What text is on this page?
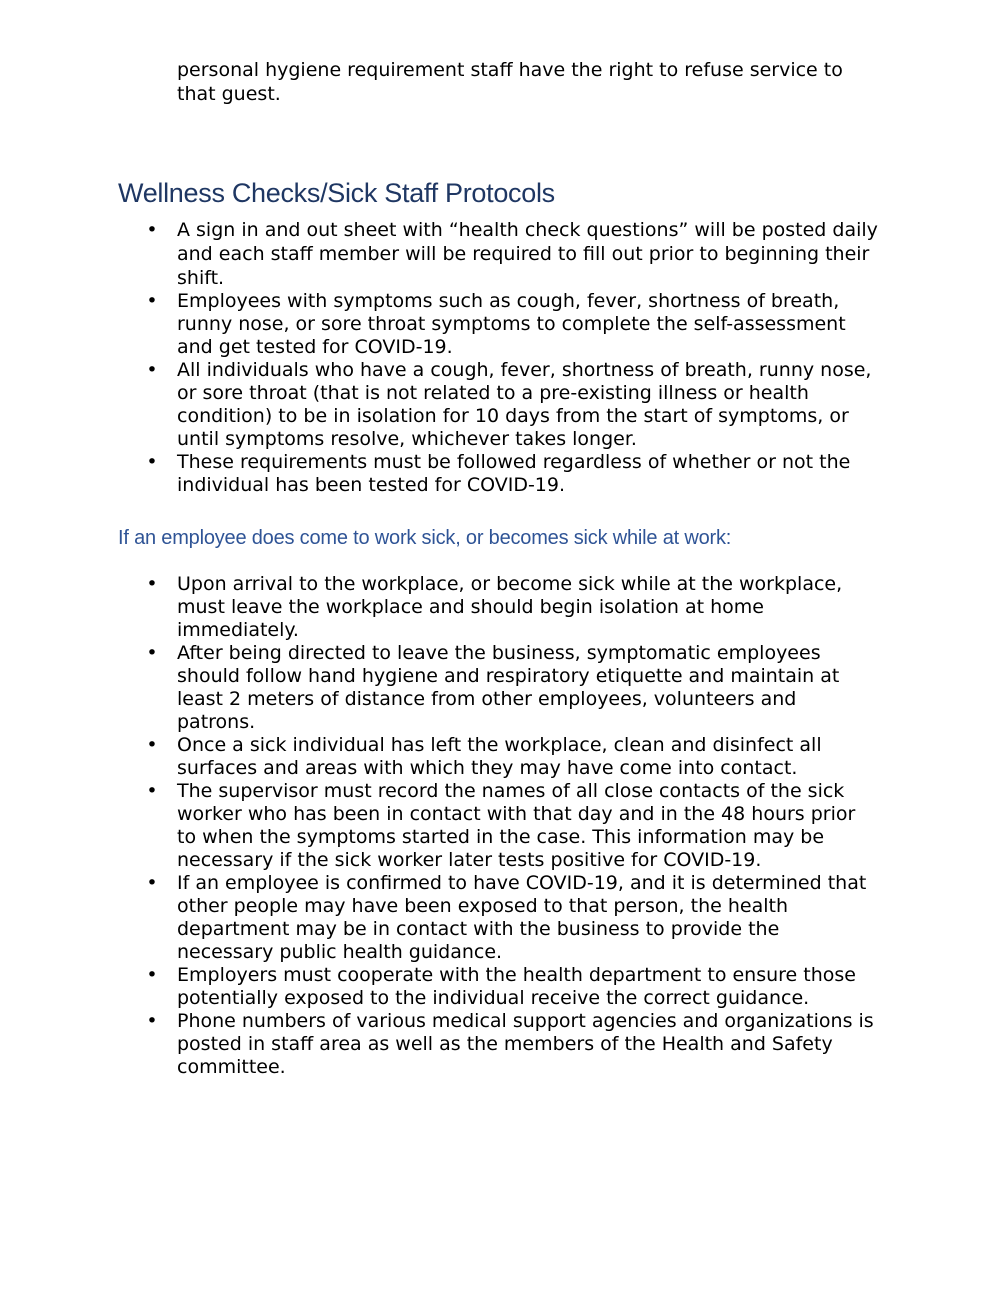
personal hygiene requirement staff have the right to refuse service to that guest.

Wellness Checks/Sick Staff Protocols
• A sign in and out sheet with “health check questions” will be posted daily and each staff member will be required to fill out prior to beginning their shift.
• Employees with symptoms such as cough, fever, shortness of breath, runny nose, or sore throat symptoms to complete the self-assessment and get tested for COVID-19.
• All individuals who have a cough, fever, shortness of breath, runny nose, or sore throat (that is not related to a pre-existing illness or health condition) to be in isolation for 10 days from the start of symptoms, or until symptoms resolve, whichever takes longer.
• These requirements must be followed regardless of whether or not the individual has been tested for COVID-19.
If an employee does come to work sick, or becomes sick while at work:
• Upon arrival to the workplace, or become sick while at the workplace, must leave the workplace and should begin isolation at home immediately.
• After being directed to leave the business, symptomatic employees should follow hand hygiene and respiratory etiquette and maintain at least 2 meters of distance from other employees, volunteers and patrons.
• Once a sick individual has left the workplace, clean and disinfect all surfaces and areas with which they may have come into contact.
• The supervisor must record the names of all close contacts of the sick worker who has been in contact with that day and in the 48 hours prior to when the symptoms started in the case. This information may be necessary if the sick worker later tests positive for COVID-19.
• If an employee is confirmed to have COVID-19, and it is determined that other people may have been exposed to that person, the health department may be in contact with the business to provide the necessary public health guidance.
• Employers must cooperate with the health department to ensure those potentially exposed to the individual receive the correct guidance.
• Phone numbers of various medical support agencies and organizations is posted in staff area as well as the members of the Health and Safety committee.
